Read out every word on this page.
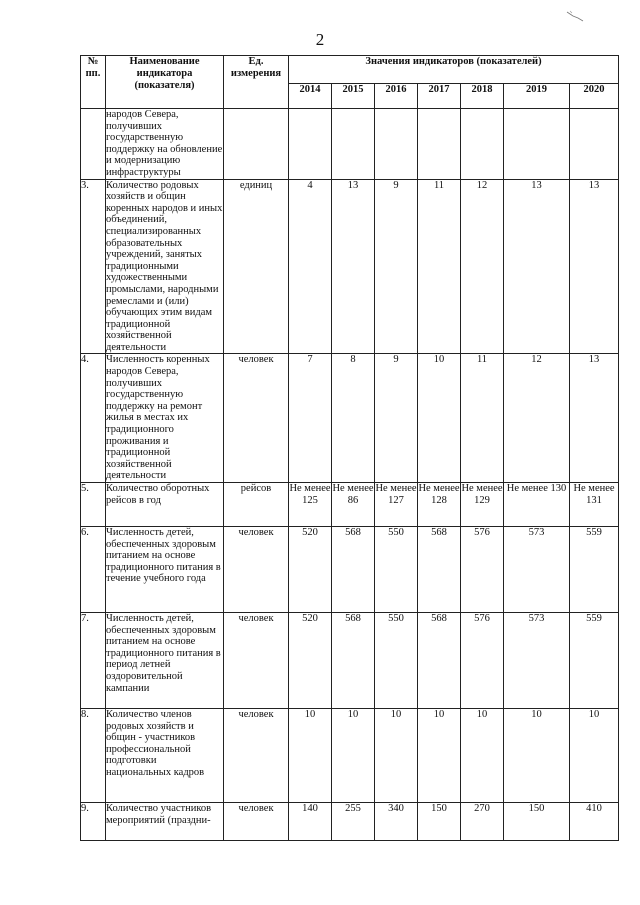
2
№ пп.	Наименование индикатора (показателя)	Ед. измерения	Значения индикаторов (показателей)						
			2014	2015	2016	2017	2018	2019	2020
	народов Севера, получивших государственную поддержку на обновление и модернизацию инфраструктуры								
3.	Количество родовых хозяйств и общин коренных народов и иных объединений, специализированных образовательных учреждений, занятых традиционными художественными промыслами, народными ремеслами и (или) обучающих этим видам традиционной хозяйственной деятельности	единиц	4	13	9	11	12	13	13
4.	Численность коренных народов Севера, получивших государственную поддержку на ремонт жилья в местах их традиционного проживания и традиционной хозяйственной деятельности	человек	7	8	9	10	11	12	13
5.	Количество оборотных рейсов в год	рейсов	Не менее 125	Не менее 86	Не менее 127	Не менее 128	Не менее 129	Не менее 130	Не менее 131
6.	Численность детей, обеспеченных здоровым питанием на основе традиционного питания в течение учебного года	человек	520	568	550	568	576	573	559
7.	Численность детей, обеспеченных здоровым питанием на основе традиционного питания в период летней оздоровительной кампании	человек	520	568	550	568	576	573	559
8.	Количество членов родовых хозяйств и общин - участников профессиональной подготовки национальных кадров	человек	10	10	10	10	10	10	10
9.	Количество участников мероприятий (праздни-	человек	140	255	340	150	270	150	410
